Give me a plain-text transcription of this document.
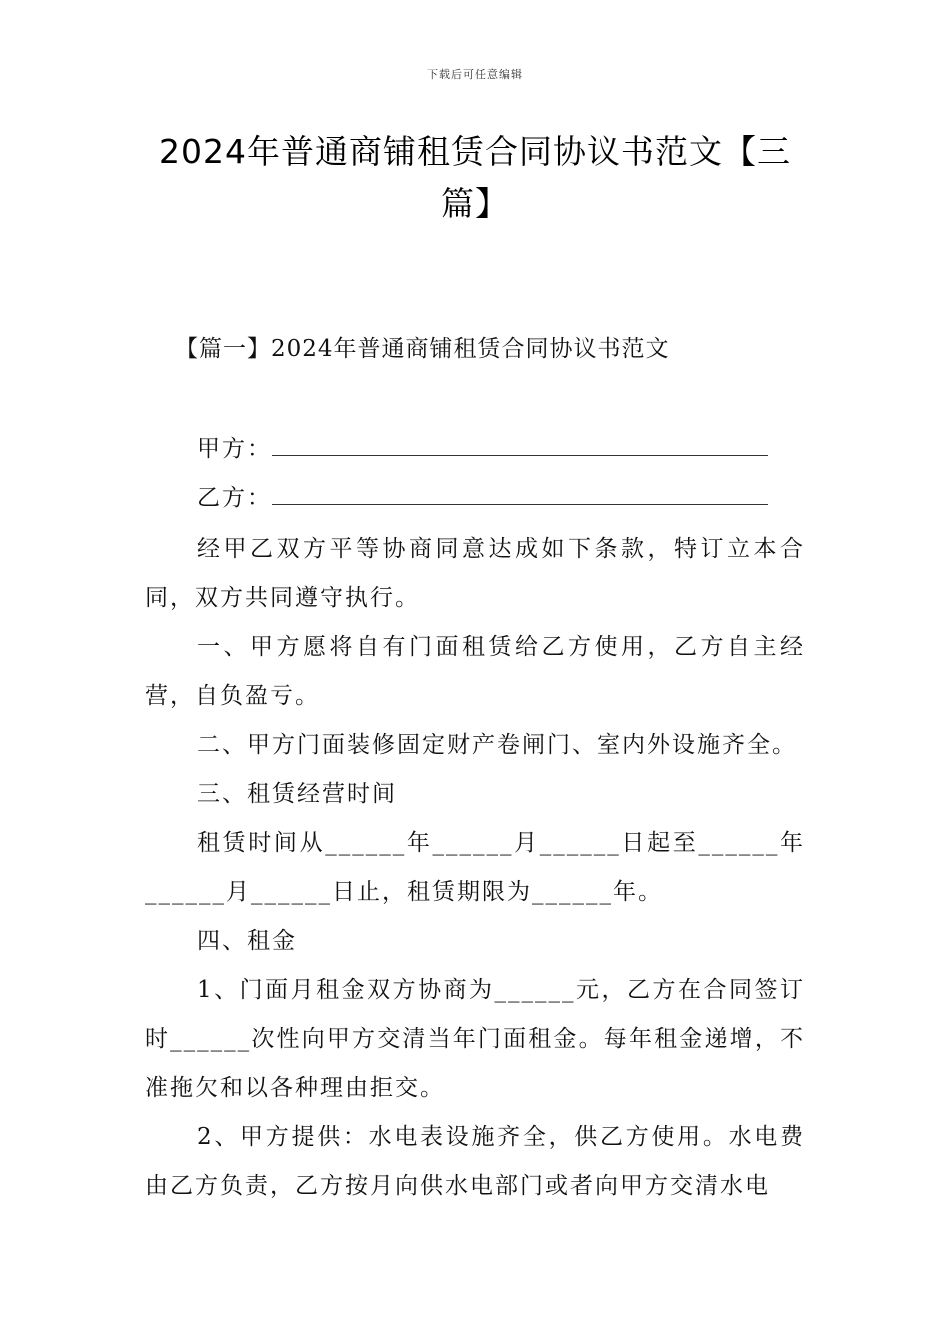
下载后可任意编辑
2024年普通商铺租赁合同协议书范文【三篇】
【篇一】2024年普通商铺租赁合同协议书范文

甲方：

乙方：

经甲乙双方平等协商同意达成如下条款，特订立本合同，双方共同遵守执行。

一、甲方愿将自有门面租赁给乙方使用，乙方自主经营，自负盈亏。

二、甲方门面装修固定财产卷闸门、室内外设施齐全。

三、租赁经营时间

租赁时间从______年______月______日起至______年______月______日止，租赁期限为______年。

四、租金

1、门面月租金双方协商为______元，乙方在合同签订时______次性向甲方交清当年门面租金。每年租金递增，不准拖欠和以各种理由拒交。

2、甲方提供：水电表设施齐全，供乙方使用。水电费由乙方负责，乙方按月向供水电部门或者向甲方交清水电
